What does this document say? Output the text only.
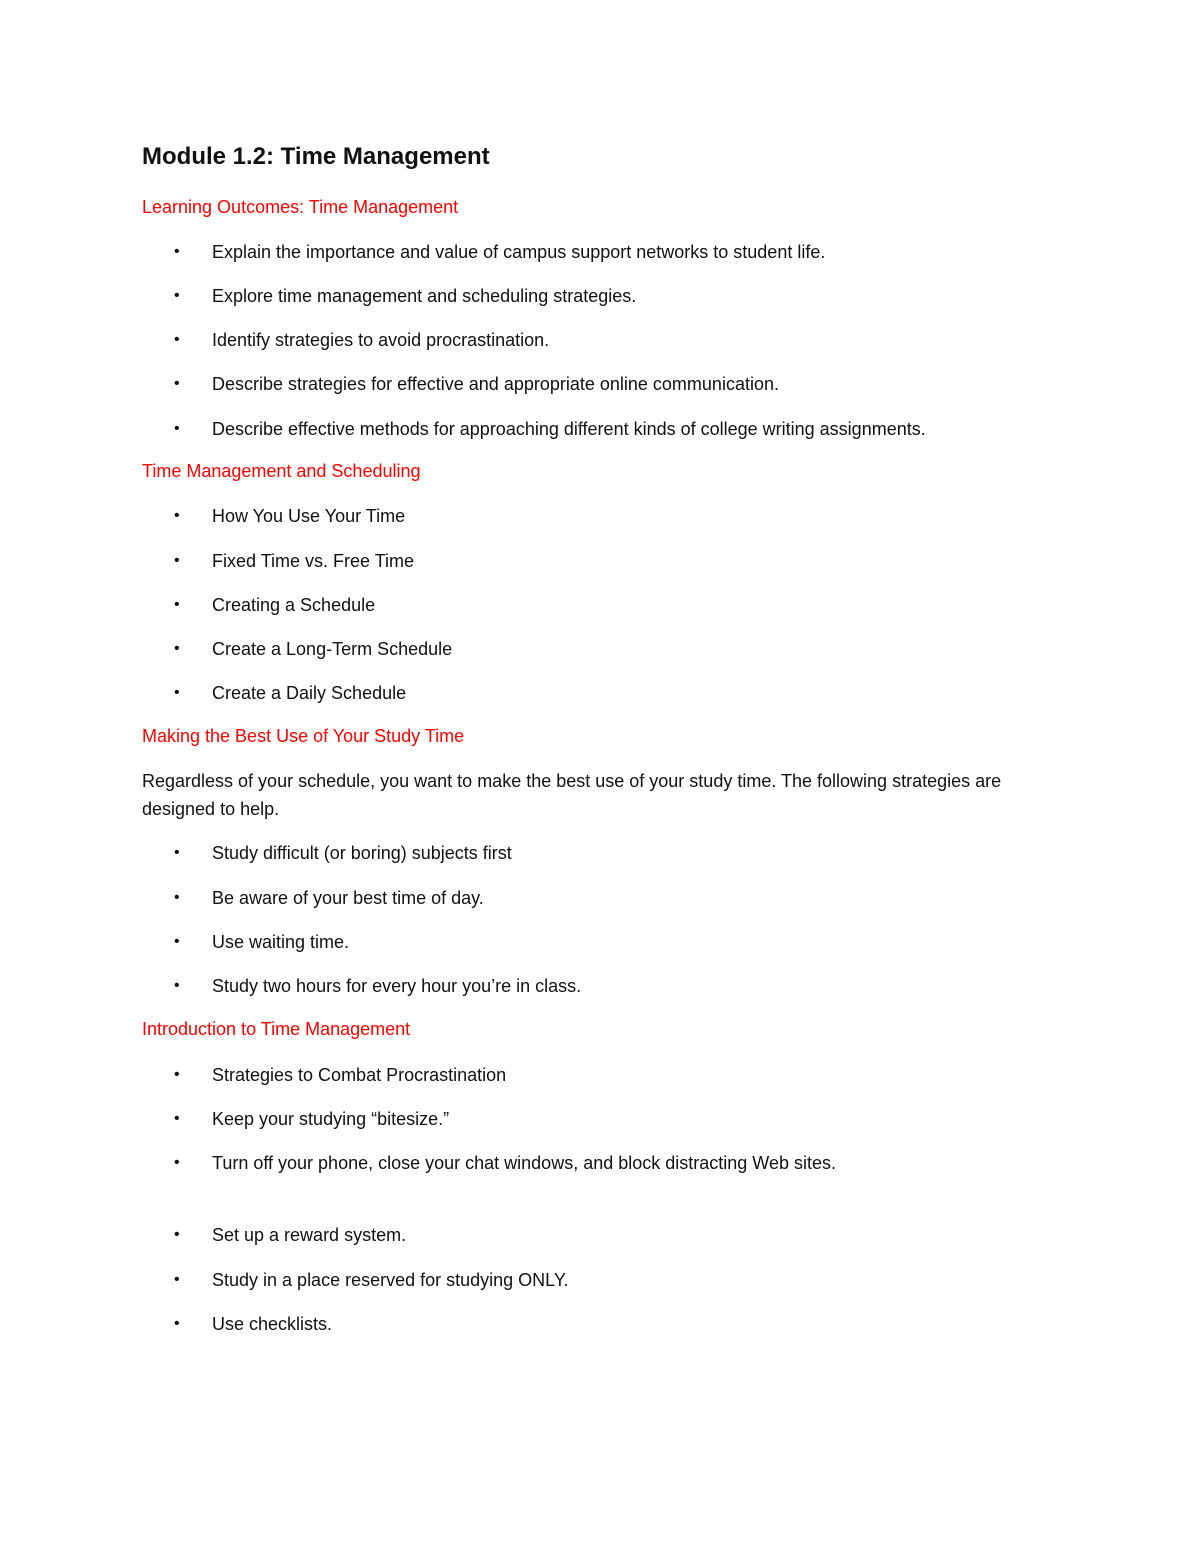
Module 1.2: Time Management
Learning Outcomes: Time Management
•	Explain the importance and value of campus support networks to student life.
•	Explore time management and scheduling strategies.
•	Identify strategies to avoid procrastination.
•	Describe strategies for effective and appropriate online communication.
•	Describe effective methods for approaching different kinds of college writing assignments.
Time Management and Scheduling
•	How You Use Your Time
•	Fixed Time vs. Free Time
•	Creating a Schedule
•	Create a Long-Term Schedule
•	Create a Daily Schedule
Making the Best Use of Your Study Time
Regardless of your schedule, you want to make the best use of your study time. The following strategies are designed to help.
•	Study difficult (or boring) subjects first
•	Be aware of your best time of day.
•	Use waiting time.
•	Study two hours for every hour you’re in class.
Introduction to Time Management
•	Strategies to Combat Procrastination
•	Keep your studying “bitesize.”
•	Turn off your phone, close your chat windows, and block distracting Web sites.
•	Set up a reward system.
•	Study in a place reserved for studying ONLY.
•	Use checklists.
